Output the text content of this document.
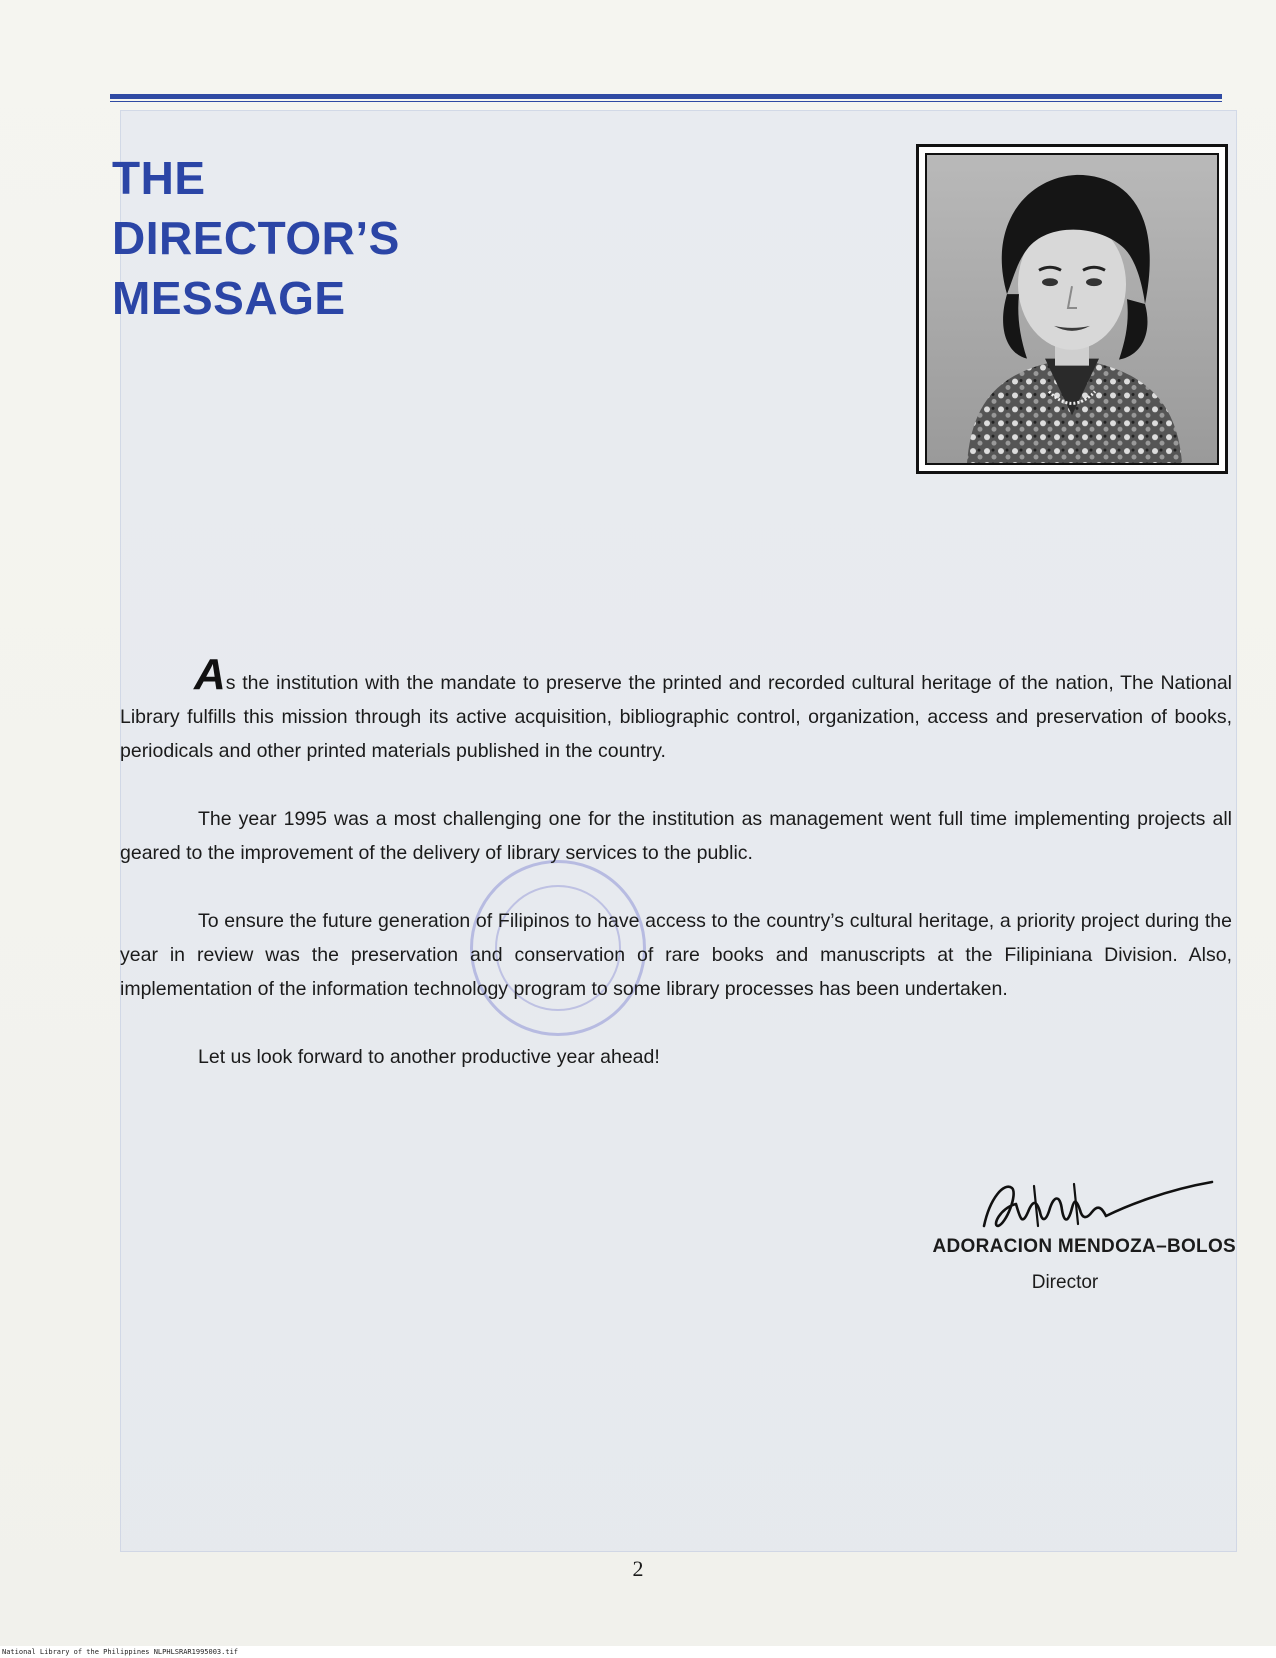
THE
DIRECTOR’S
MESSAGE

As the institution with the mandate to preserve the printed and recorded cultural heritage of the nation, The National Library fulfills this mission through its active acquisition, bibliographic control, organization, access and preservation of books, periodicals and other printed materials published in the country.

The year 1995 was a most challenging one for the institution as management went full time implementing projects all geared to the improvement of the delivery of library services to the public.

To ensure the future generation of Filipinos to have access to the country’s cultural heritage, a priority project during the year in review was the preservation and conservation of rare books and manuscripts at the Filipiniana Division. Also, implementation of the information technology program to some library processes has been undertaken.

Let us look forward to another productive year ahead!

ADORACION MENDOZA–BOLOS
Director
2
National Library of the Philippines NLPHLSRAR1995003.tif
